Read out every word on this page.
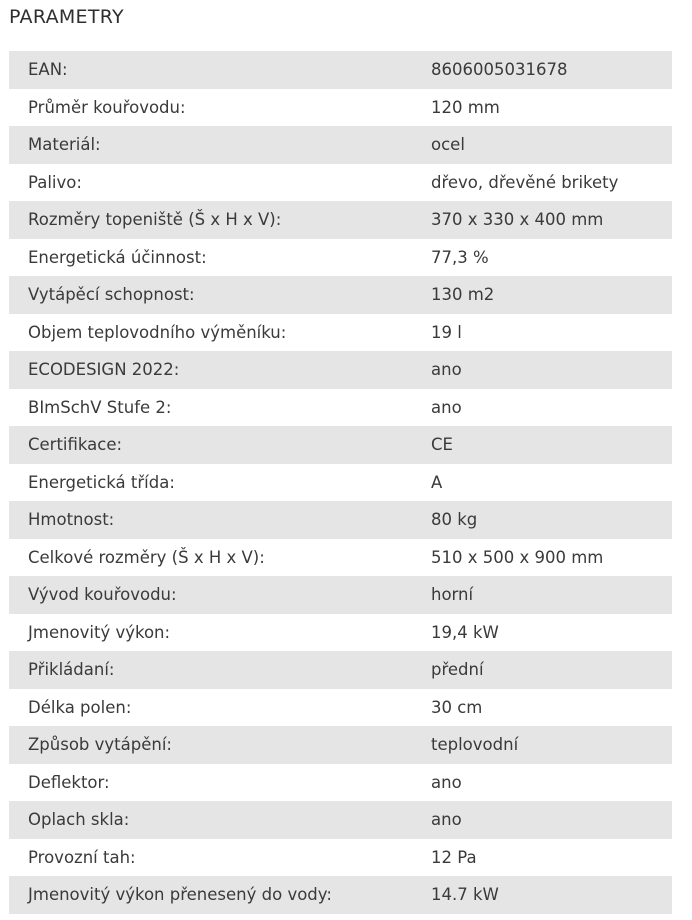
PARAMETRY
EAN:	8606005031678
Průměr kouřovodu:	120 mm
Materiál:	ocel
Palivo:	dřevo, dřevěné brikety
Rozměry topeniště (Š x H x V):	370 x 330 x 400 mm
Energetická účinnost:	77,3 %
Vytápěcí schopnost:	130 m2
Objem teplovodního výměníku:	19 l
ECODESIGN 2022:	ano
BImSchV Stufe 2:	ano
Certifikace:	CE
Energetická třída:	A
Hmotnost:	80 kg
Celkové rozměry (Š x H x V):	510 x 500 x 900 mm
Vývod kouřovodu:	horní
Jmenovitý výkon:	19,4 kW
Přikládaní:	přední
Délka polen:	30 cm
Způsob vytápění:	teplovodní
Deflektor:	ano
Oplach skla:	ano
Provozní tah:	12 Pa
Jmenovitý výkon přenesený do vody:	14.7 kW
